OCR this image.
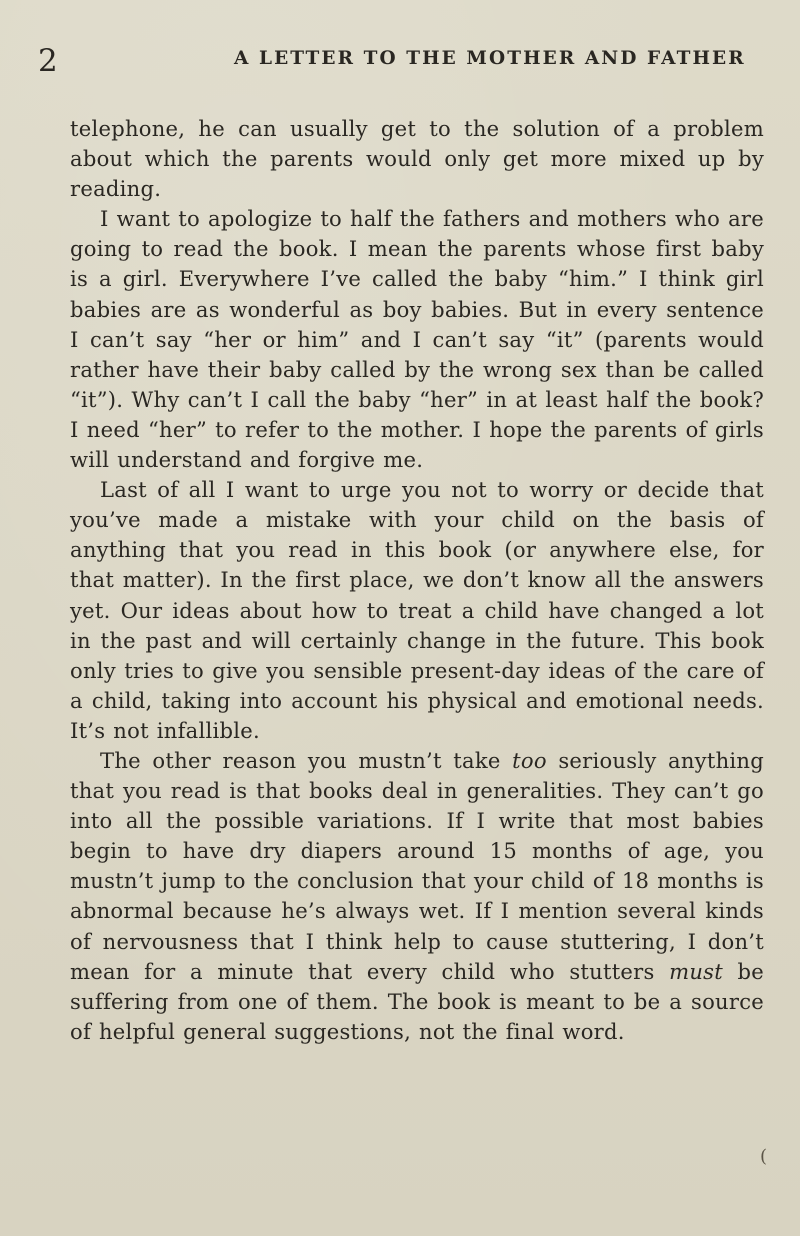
2	A LETTER TO THE MOTHER AND FATHER

telephone, he can usually get to the solution of a problem about which the parents would only get more mixed up by reading.

I want to apologize to half the fathers and mothers who are going to read the book. I mean the parents whose first baby is a girl. Everywhere I’ve called the baby “him.” I think girl babies are as wonderful as boy babies. But in every sentence I can’t say “her or him” and I can’t say “it” (parents would rather have their baby called by the wrong sex than be called “it”). Why can’t I call the baby “her” in at least half the book? I need “her” to refer to the mother. I hope the parents of girls will understand and forgive me.

Last of all I want to urge you not to worry or decide that you’ve made a mistake with your child on the basis of anything that you read in this book (or anywhere else, for that matter). In the first place, we don’t know all the answers yet. Our ideas about how to treat a child have changed a lot in the past and will certainly change in the future. This book only tries to give you sensible present-day ideas of the care of a child, taking into account his physical and emotional needs. It’s not infallible.

The other reason you mustn’t take too seriously anything that you read is that books deal in generalities. They can’t go into all the possible variations. If I write that most babies begin to have dry diapers around 15 months of age, you mustn’t jump to the conclusion that your child of 18 months is abnormal because he’s always wet. If I mention several kinds of nervousness that I think help to cause stuttering, I don’t mean for a minute that every child who stutters must be suffering from one of them. The book is meant to be a source of helpful general suggestions, not the final word.

(
